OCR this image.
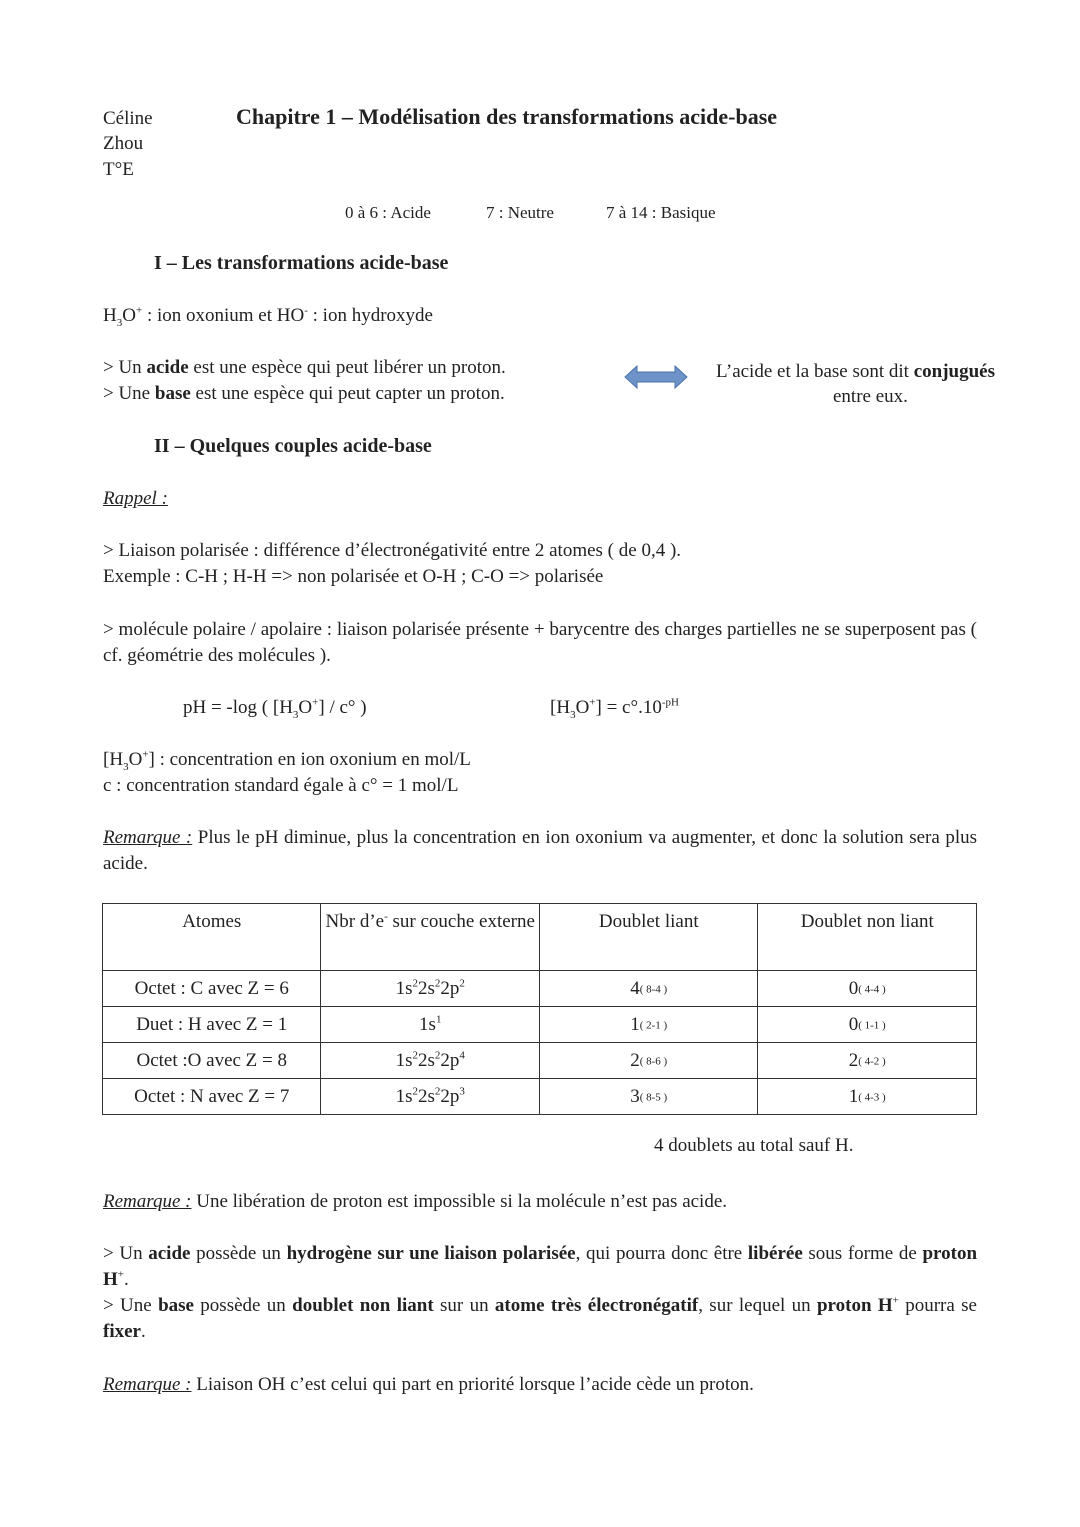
Céline
Zhou
T°E
Chapitre 1 – Modélisation des transformations acide-base
0 à 6 : Acide	7 : Neutre	7 à 14 : Basique
I – Les transformations acide-base
$H_3O^+$ : ion oxonium et HO- : ion hydroxyde
> Un acide est une espèce qui peut libérer un proton.
> Une base est une espèce qui peut capter un proton.
L’acide et la base sont dit conjugués
entre eux.
II – Quelques couples acide-base
Rappel :
> Liaison polarisée : différence d’électronégativité entre 2 atomes ( de 0,4 ).
Exemple : C-H ; H-H => non polarisée et O-H ; C-O => polarisée
> molécule polaire / apolaire : liaison polarisée présente + barycentre des charges partielles ne se superposent pas ( cf. géométrie des molécules ).
pH = -log ( $[H_3O^+] / c^\circ$ )	$[H_3O^+] = c^\circ.10^{-pH}$
$[H_3O^+]$ : concentration en ion oxonium en mol/L
c : concentration standard égale à c° = 1 mol/L
Remarque : Plus le pH diminue, plus la concentration en ion oxonium va augmenter, et donc la solution sera plus acide.
Atomes	Nbr d’e- sur couche externe	Doublet liant	Doublet non liant
Octet : C avec Z = 6	$1s^22s^22p^2$	4( 8-4 )	0( 4-4 )
Duet : H avec Z = 1	$1s^1$	1( 2-1 )	0( 1-1 )
Octet :O avec Z = 8	$1s^22s^22p^4$	2( 8-6 )	2( 4-2 )
Octet : N avec Z = 7	$1s^22s^22p^3$	3( 8-5 )	1( 4-3 )
4 doublets au total sauf H.
Remarque : Une libération de proton est impossible si la molécule n’est pas acide.
> Un acide possède un hydrogène sur une liaison polarisée, qui pourra donc être libérée sous forme de proton H+.
> Une base possède un doublet non liant sur un atome très électronégatif, sur lequel un proton H+ pourra se fixer.
Remarque : Liaison OH c’est celui qui part en priorité lorsque l’acide cède un proton.
